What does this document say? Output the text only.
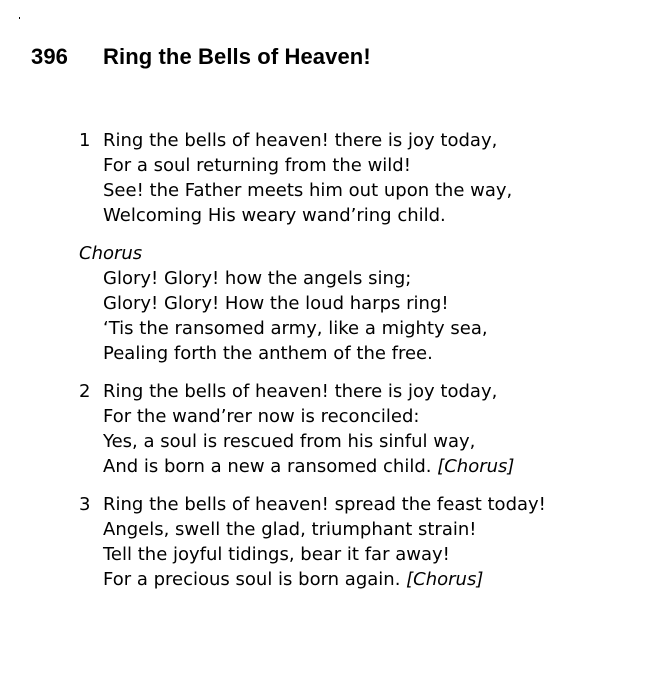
396 Ring the Bells of Heaven!
1 Ring the bells of heaven! there is joy today,
For a soul returning from the wild!
See! the Father meets him out upon the way,
Welcoming His weary wand’ring child.
Chorus
Glory! Glory! how the angels sing;
Glory! Glory! How the loud harps ring!
‘Tis the ransomed army, like a mighty sea,
Pealing forth the anthem of the free.
2 Ring the bells of heaven! there is joy today,
For the wand’rer now is reconciled:
Yes, a soul is rescued from his sinful way,
And is born a new a ransomed child. [Chorus]
3 Ring the bells of heaven! spread the feast today!
Angels, swell the glad, triumphant strain!
Tell the joyful tidings, bear it far away!
For a precious soul is born again. [Chorus]
